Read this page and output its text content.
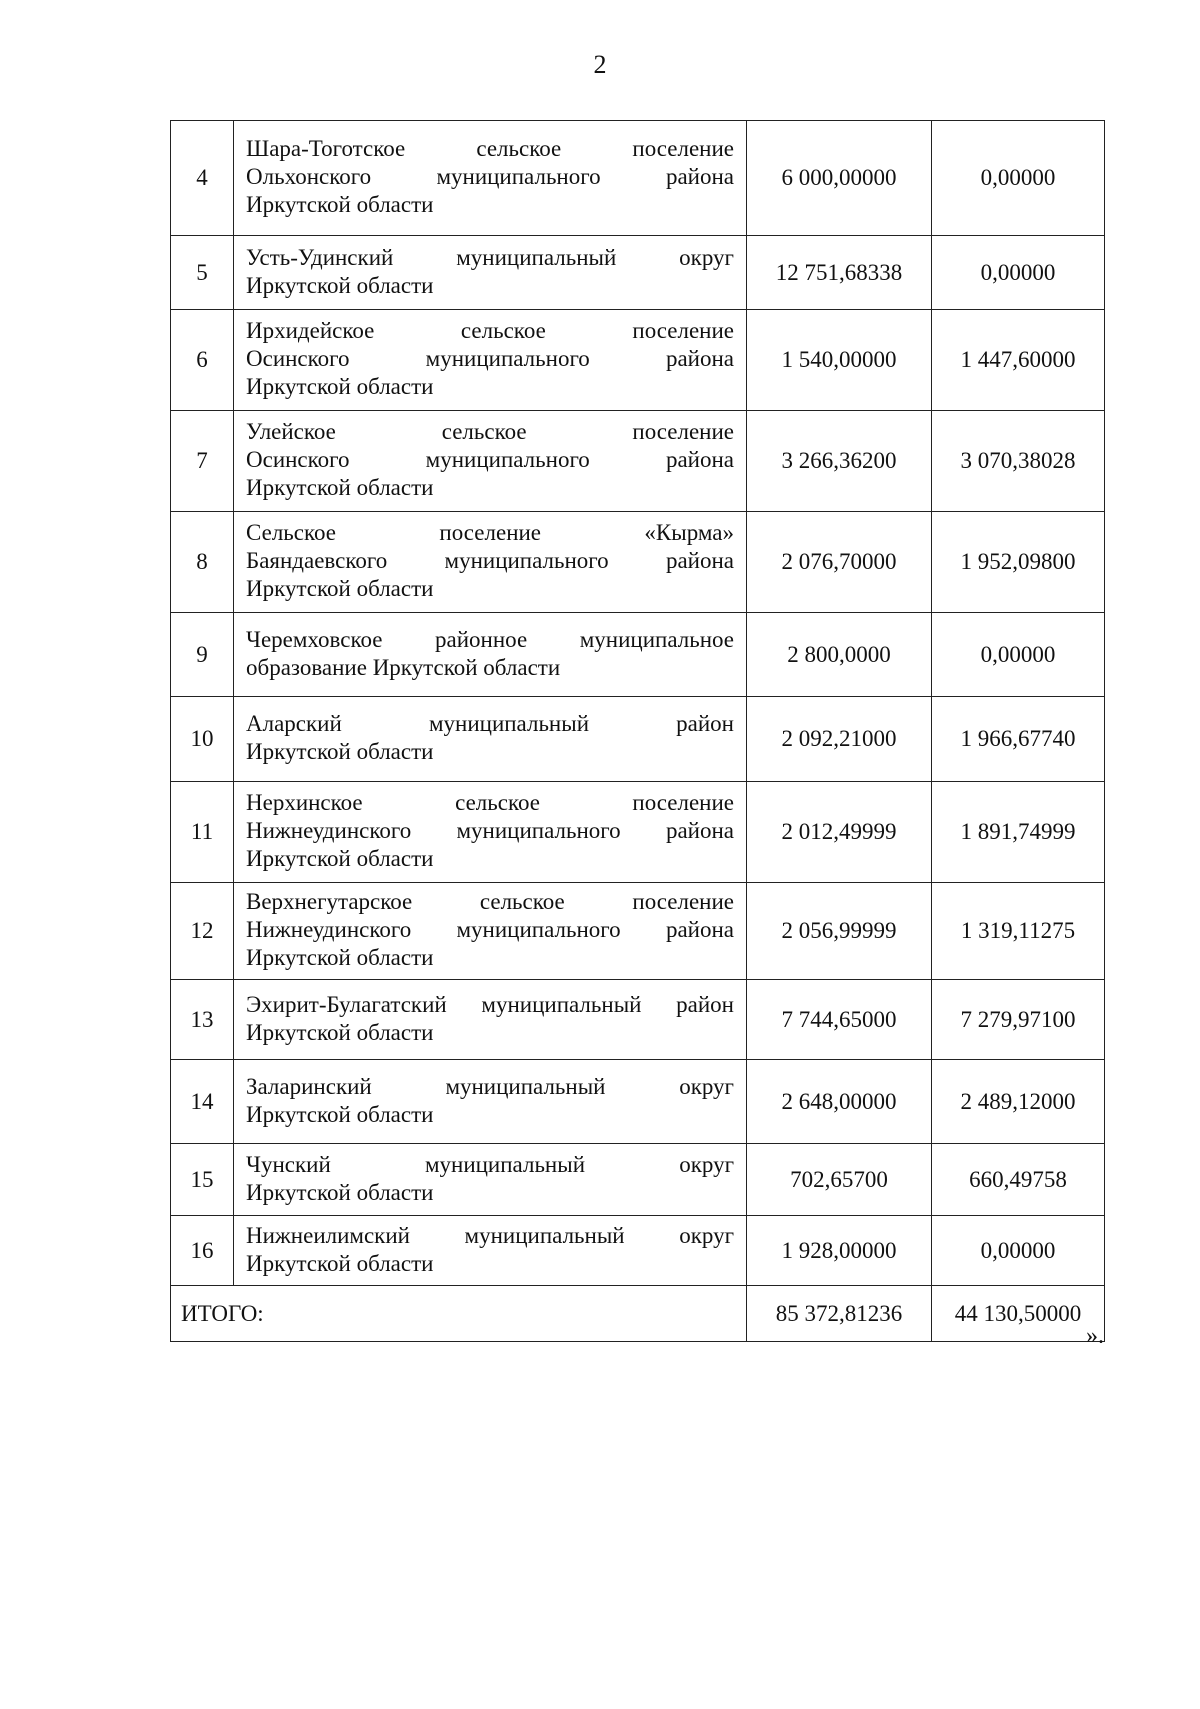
2
4	Шара-Тоготское сельское поселение
Ольхонского муниципального района
Иркутской области	6 000,00000	0,00000
5	Усть-Удинский муниципальный округ
Иркутской области	12 751,68338	0,00000
6	Ирхидейское сельское поселение
Осинского муниципального района
Иркутской области	1 540,00000	1 447,60000
7	Улейское сельское поселение
Осинского муниципального района
Иркутской области	3 266,36200	3 070,38028
8	Сельское поселение «Кырма»
Баяндаевского муниципального района
Иркутской области	2 076,70000	1 952,09800
9	Черемховское районное муниципальное
образование Иркутской области	2 800,0000	0,00000
10	Аларский муниципальный район
Иркутской области	2 092,21000	1 966,67740
11	Нерхинское сельское поселение
Нижнеудинского муниципального района
Иркутской области	2 012,49999	1 891,74999
12	Верхнегутарское сельское поселение
Нижнеудинского муниципального района
Иркутской области	2 056,99999	1 319,11275
13	Эхирит-Булагатский муниципальный район
Иркутской области	7 744,65000	7 279,97100
14	Заларинский муниципальный округ
Иркутской области	2 648,00000	2 489,12000
15	Чунский муниципальный округ
Иркутской области	702,65700	660,49758
16	Нижнеилимский муниципальный округ
Иркутской области	1 928,00000	0,00000
ИТОГО:		85 372,81236	44 130,50000
».
